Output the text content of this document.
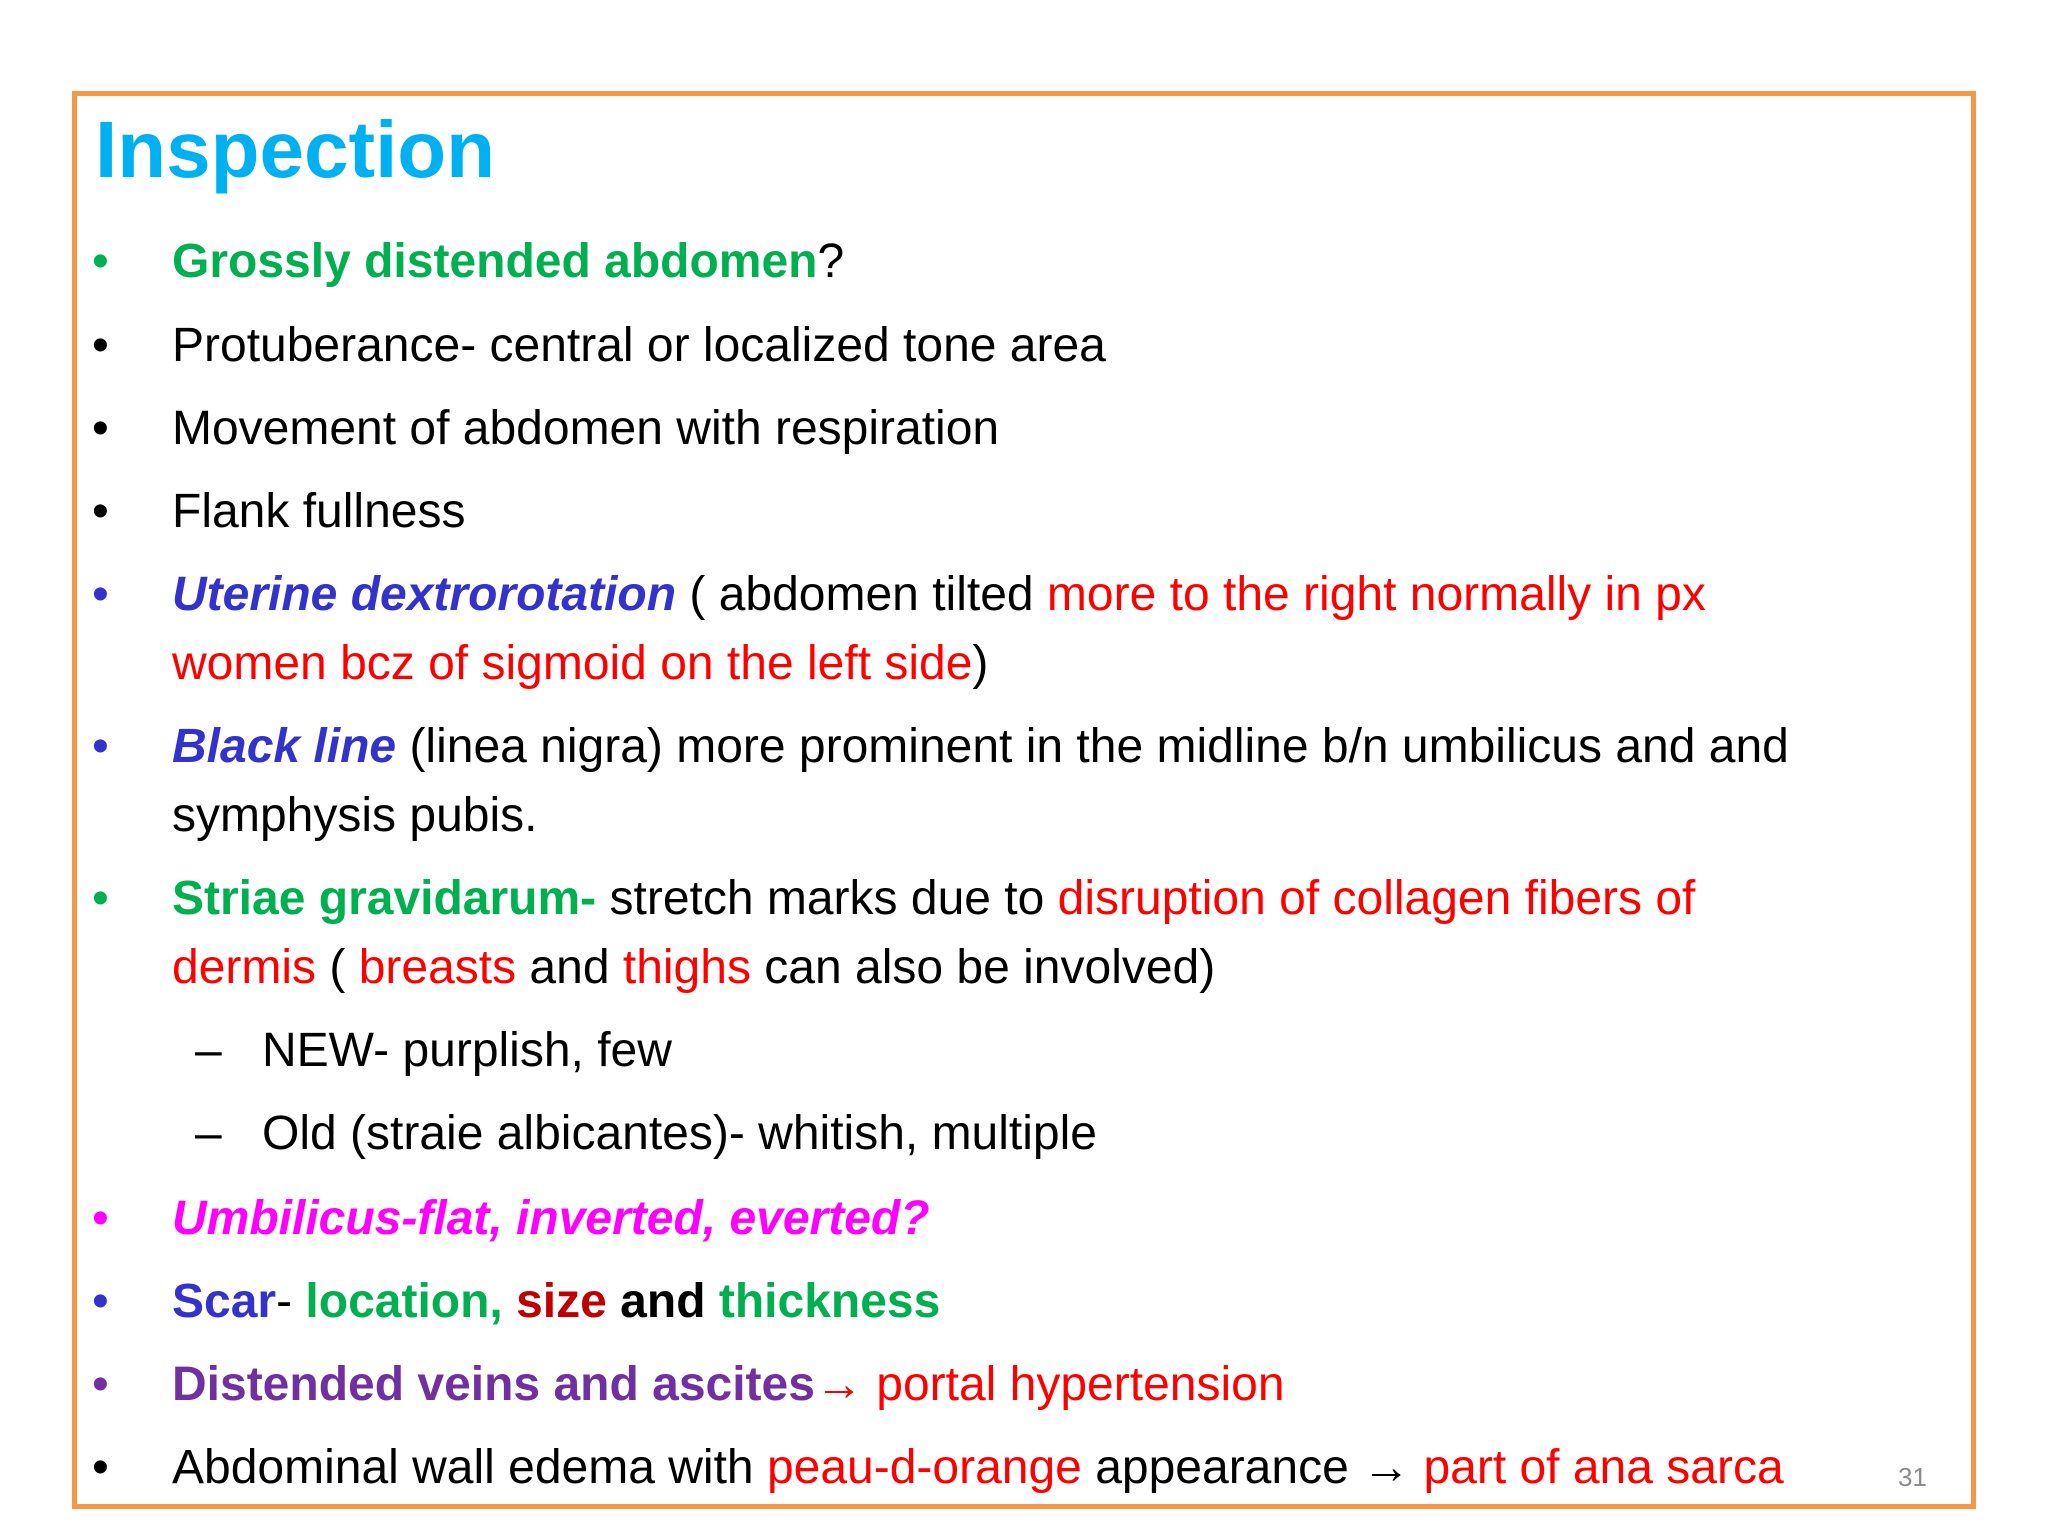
Inspection
• Grossly distended abdomen?
• Protuberance- central or localized tone area
• Movement of abdomen with respiration
• Flank fullness
• Uterine dextrorotation ( abdomen tilted more to the right normally in px
women bcz of sigmoid on the left side)
• Black line (linea nigra) more prominent in the midline b/n umbilicus and and
symphysis pubis.
• Striae gravidarum- stretch marks due to disruption of collagen fibers of
dermis ( breasts and thighs can also be involved)
– NEW- purplish, few
– Old (straie albicantes)- whitish, multiple
• Umbilicus-flat, inverted, everted?
• Scar- location, size and thickness
• Distended veins and ascites→ portal hypertension
• Abdominal wall edema with peau-d-orange appearance → part of ana sarca	31
